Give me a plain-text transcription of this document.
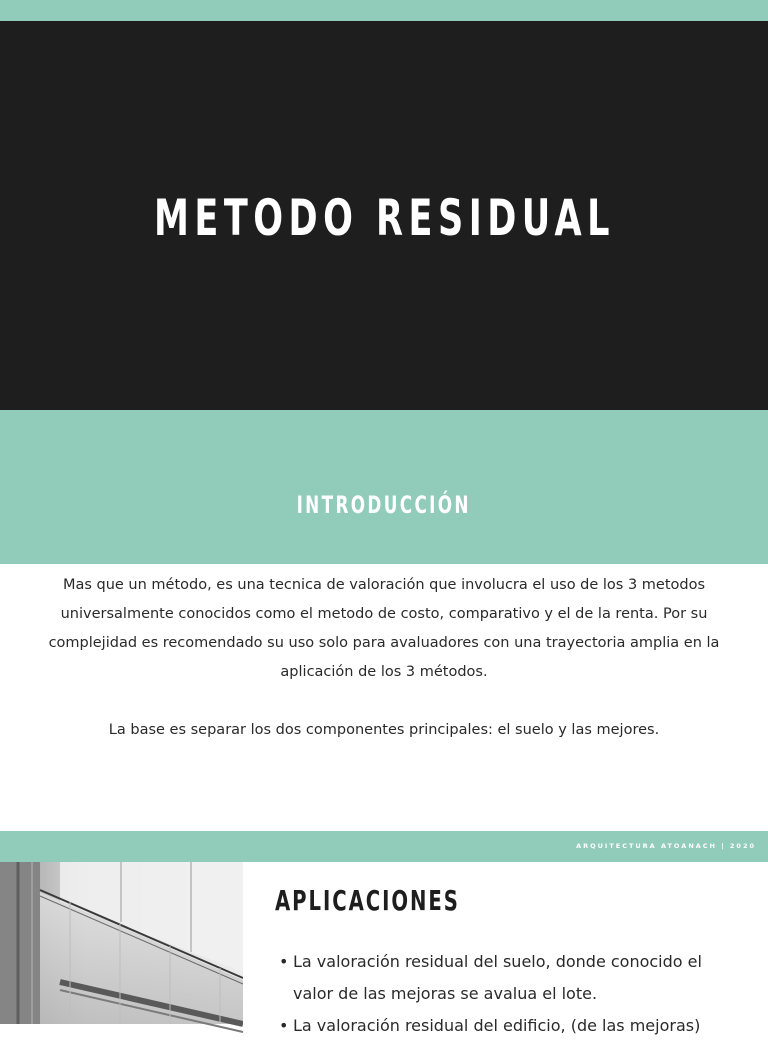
METODO RESIDUAL
INTRODUCCIÓN

Mas que un método, es una tecnica de valoración que involucra el uso de los 3 metodos universalmente conocidos como el metodo de costo, comparativo y el de la renta. Por su complejidad es recomendado su uso solo para avaluadores con una trayectoria amplia en la aplicación de los 3 métodos.

La base es separar los dos componentes principales: el suelo y las mejores.

ARQUITECTURA ATOANACH | 2020
APLICACIONES
• La valoración residual del suelo, donde conocido el valor de las mejoras se avalua el lote.
• La valoración residual del edificio, (de las mejoras)
